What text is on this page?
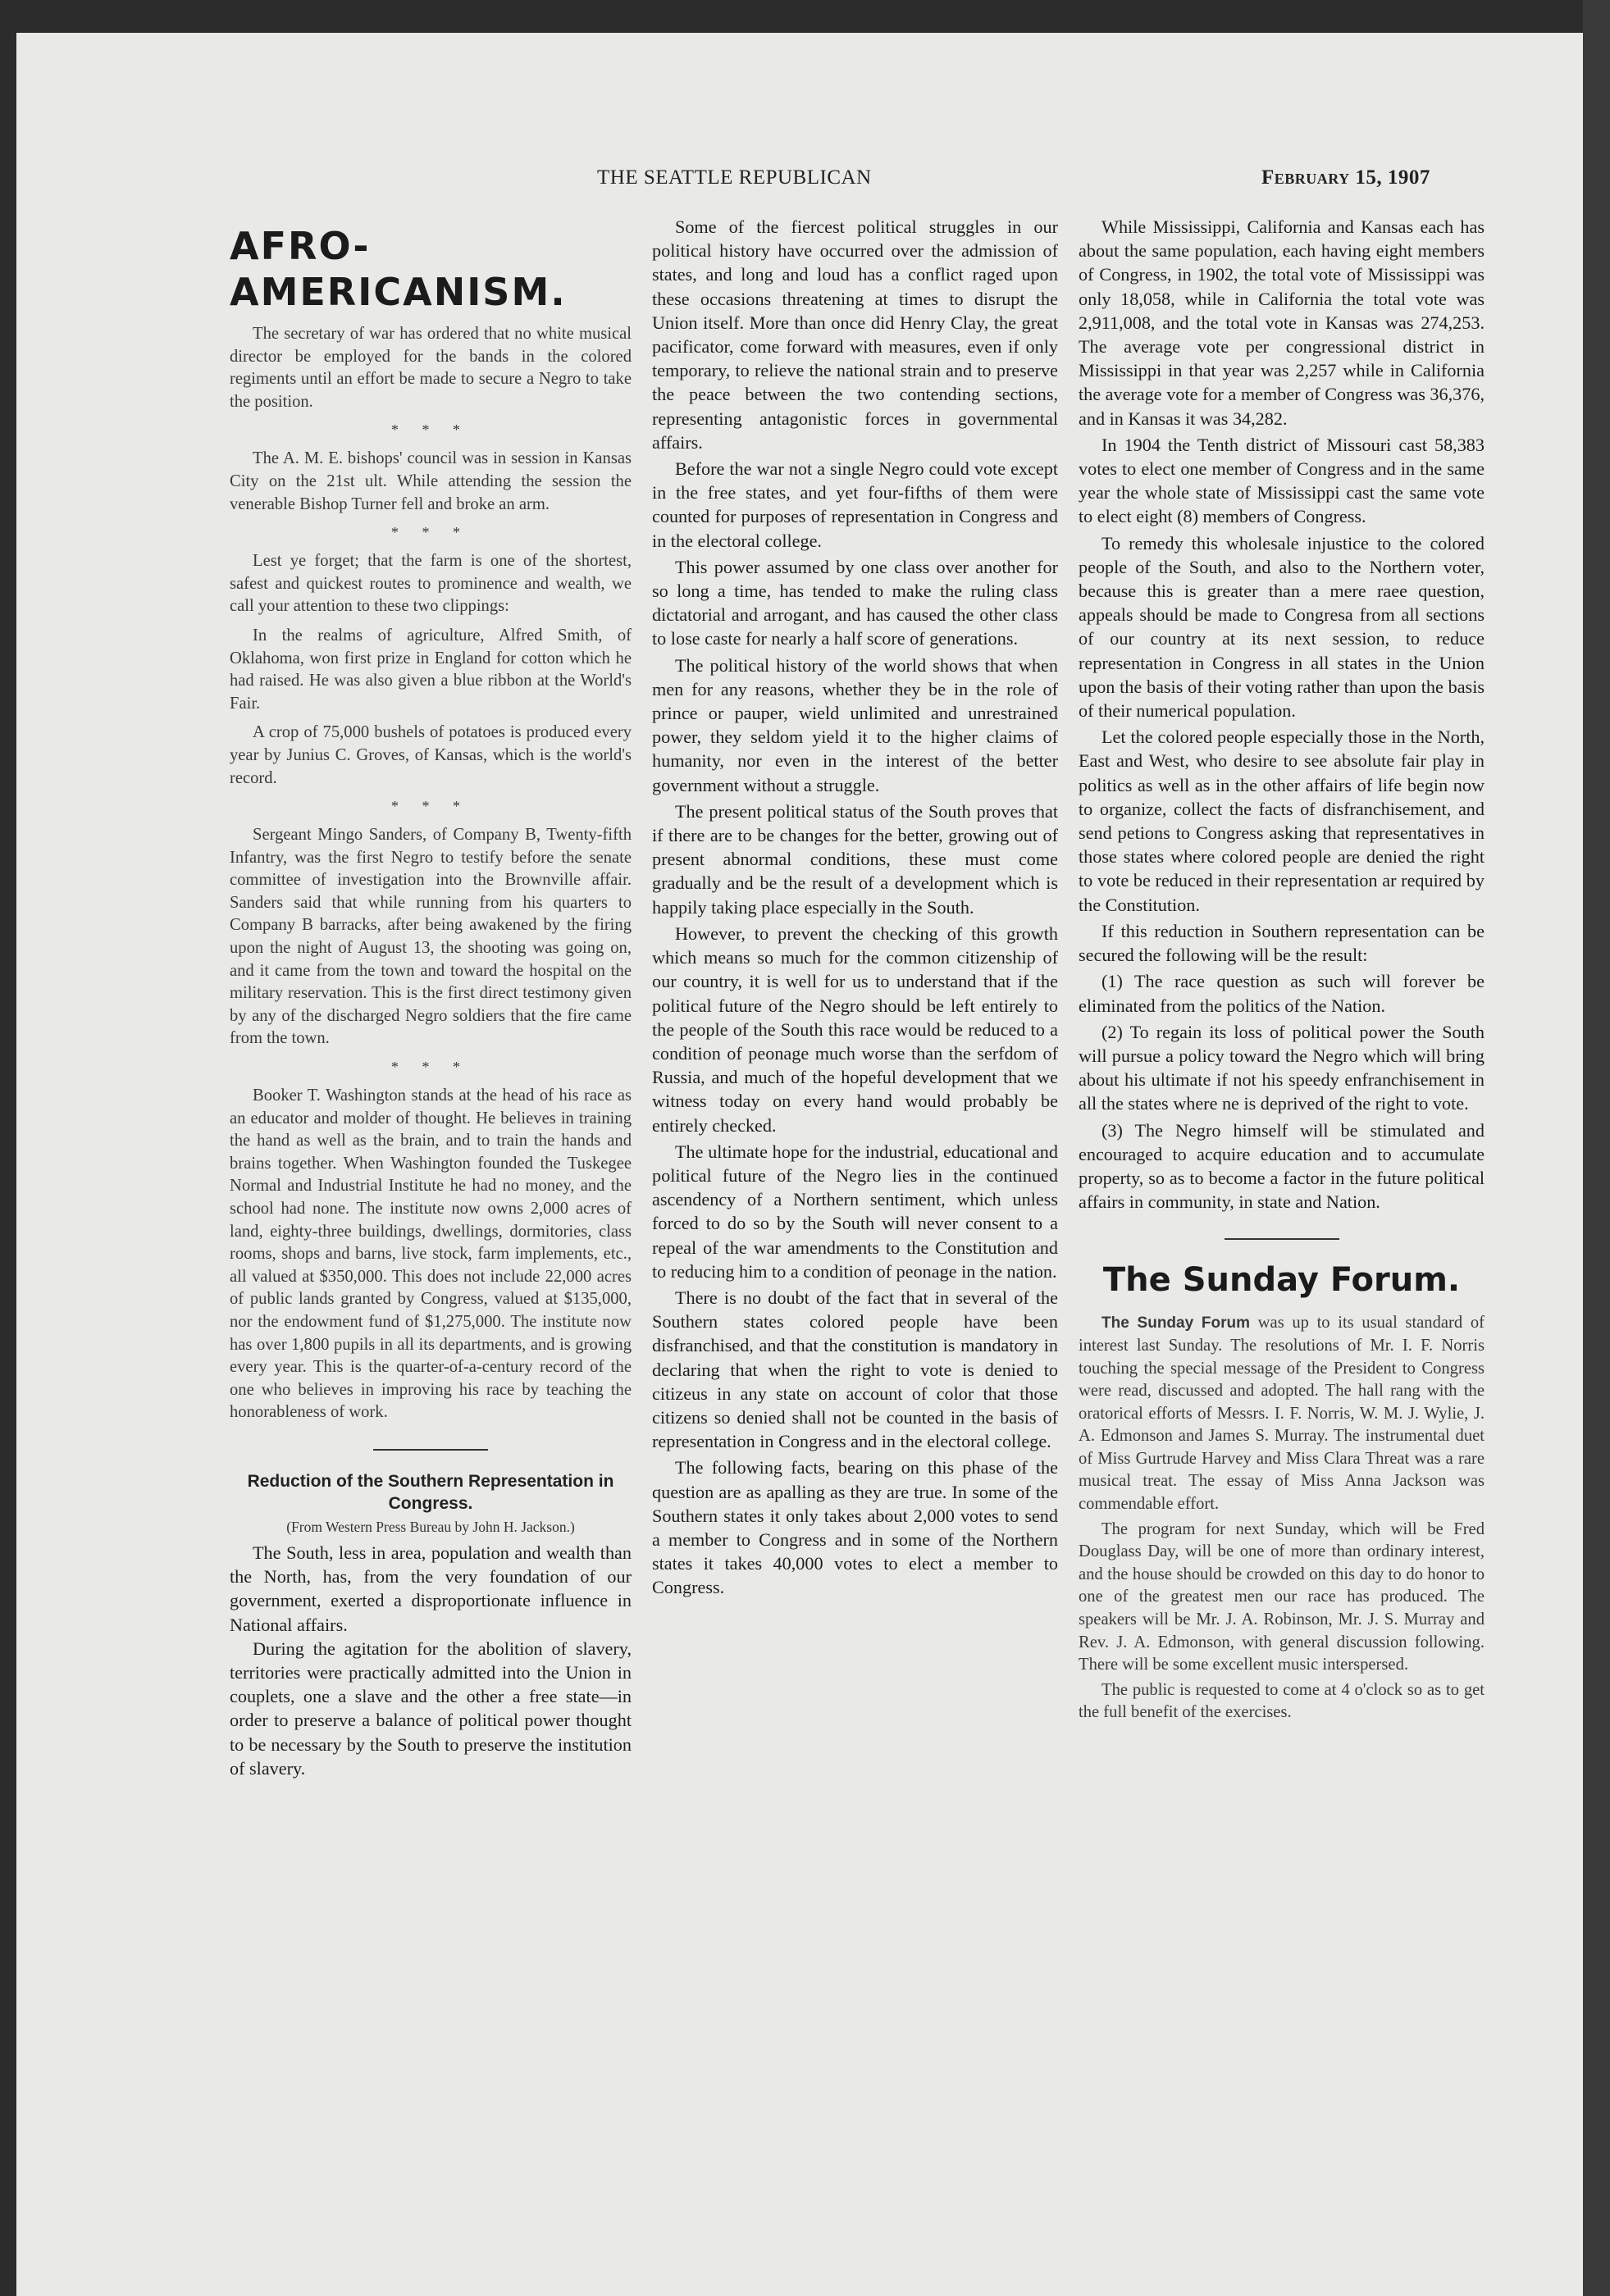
THE SEATTLE REPUBLICAN	February 15, 1907
AFRO-AMERICANISM.

The secretary of war has ordered that no white musical director be employed for the bands in the colored regiments until an effort be made to secure a Negro to take the position.

* * *

The A. M. E. bishops' council was in session in Kansas City on the 21st ult. While attending the session the venerable Bishop Turner fell and broke an arm.

* * *

Lest ye forget; that the farm is one of the shortest, safest and quickest routes to prominence and wealth, we call your attention to these two clippings:

In the realms of agriculture, Alfred Smith, of Oklahoma, won first prize in England for cotton which he had raised. He was also given a blue ribbon at the World's Fair.

A crop of 75,000 bushels of potatoes is produced every year by Junius C. Groves, of Kansas, which is the world's record.

* * *

Sergeant Mingo Sanders, of Company B, Twenty-fifth Infantry, was the first Negro to testify before the senate committee of investigation into the Brownville affair. Sanders said that while running from his quarters to Company B barracks, after being awakened by the firing upon the night of August 13, the shooting was going on, and it came from the town and toward the hospital on the military reservation. This is the first direct testimony given by any of the discharged Negro soldiers that the fire came from the town.

* * *

Booker T. Washington stands at the head of his race as an educator and molder of thought. He believes in training the hand as well as the brain, and to train the hands and brains together. When Washington founded the Tuskegee Normal and Industrial Institute he had no money, and the school had none. The institute now owns 2,000 acres of land, eighty-three buildings, dwellings, dormitories, class rooms, shops and barns, live stock, farm implements, etc., all valued at $350,000. This does not include 22,000 acres of public lands granted by Congress, valued at $135,000, nor the endowment fund of $1,275,000. The institute now has over 1,800 pupils in all its departments, and is growing every year. This is the quarter-of-a-century record of the one who believes in improving his race by teaching the honorableness of work.

Reduction of the Southern Representation in Congress.
(From Western Press Bureau by John H. Jackson.)

The South, less in area, population and wealth than the North, has, from the very foundation of our government, exerted a disproportionate influence in National affairs.

During the agitation for the abolition of slavery, territories were practically admitted into the Union in couplets, one a slave and the other a free state—in order to preserve a balance of political power thought to be necessary by the South to preserve the institution of slavery.

Some of the fiercest political struggles in our political history have occurred over the admission of states, and long and loud has a conflict raged upon these occasions threatening at times to disrupt the Union itself. More than once did Henry Clay, the great pacificator, come forward with measures, even if only temporary, to relieve the national strain and to preserve the peace between the two contending sections, representing antagonistic forces in governmental affairs.

Before the war not a single Negro could vote except in the free states, and yet four-fifths of them were counted for purposes of representation in Congress and in the electoral college.

This power assumed by one class over another for so long a time, has tended to make the ruling class dictatorial and arrogant, and has caused the other class to lose caste for nearly a half score of generations.

The political history of the world shows that when men for any reasons, whether they be in the role of prince or pauper, wield unlimited and unrestrained power, they seldom yield it to the higher claims of humanity, nor even in the interest of the better government without a struggle.

The present political status of the South proves that if there are to be changes for the better, growing out of present abnormal conditions, these must come gradually and be the result of a development which is happily taking place especially in the South.

However, to prevent the checking of this growth which means so much for the common citizenship of our country, it is well for us to understand that if the political future of the Negro should be left entirely to the people of the South this race would be reduced to a condition of peonage much worse than the serfdom of Russia, and much of the hopeful development that we witness today on every hand would probably be entirely checked.

The ultimate hope for the industrial, educational and political future of the Negro lies in the continued ascendency of a Northern sentiment, which unless forced to do so by the South will never consent to a repeal of the war amendments to the Constitution and to reducing him to a condition of peonage in the nation.

There is no doubt of the fact that in several of the Southern states colored people have been disfranchised, and that the constitution is mandatory in declaring that when the right to vote is denied to citizeus in any state on account of color that those citizens so denied shall not be counted in the basis of representation in Congress and in the electoral college.

The following facts, bearing on this phase of the question are as apalling as they are true. In some of the Southern states it only takes about 2,000 votes to send a member to Congress and in some of the Northern states it takes 40,000 votes to elect a member to Congress.

While Mississippi, California and Kansas each has about the same population, each having eight members of Congress, in 1902, the total vote of Mississippi was only 18,058, while in California the total vote was 2,911,008, and the total vote in Kansas was 274,253. The average vote per congressional district in Mississippi in that year was 2,257 while in California the average vote for a member of Congress was 36,376, and in Kansas it was 34,282.

In 1904 the Tenth district of Missouri cast 58,383 votes to elect one member of Congress and in the same year the whole state of Mississippi cast the same vote to elect eight (8) members of Congress.

To remedy this wholesale injustice to the colored people of the South, and also to the Northern voter, because this is greater than a mere raee question, appeals should be made to Congresa from all sections of our country at its next session, to reduce representation in Congress in all states in the Union upon the basis of their voting rather than upon the basis of their numerical population.

Let the colored people especially those in the North, East and West, who desire to see absolute fair play in politics as well as in the other affairs of life begin now to organize, collect the facts of disfranchisement, and send petions to Congress asking that representatives in those states where colored people are denied the right to vote be reduced in their representation ar required by the Constitution.

If this reduction in Southern representation can be secured the following will be the result:

(1) The race question as such will forever be eliminated from the politics of the Nation.

(2) To regain its loss of political power the South will pursue a policy toward the Negro which will bring about his ultimate if not his speedy enfranchisement in all the states where ne is deprived of the right to vote.

(3) The Negro himself will be stimulated and encouraged to acquire education and to accumulate property, so as to become a factor in the future political affairs in community, in state and Nation.

The Sunday Forum.

The Sunday Forum was up to its usual standard of interest last Sunday. The resolutions of Mr. I. F. Norris touching the special message of the President to Congress were read, discussed and adopted. The hall rang with the oratorical efforts of Messrs. I. F. Norris, W. M. J. Wylie, J. A. Edmonson and James S. Murray. The instrumental duet of Miss Gurtrude Harvey and Miss Clara Threat was a rare musical treat. The essay of Miss Anna Jackson was commendable effort.

The program for next Sunday, which will be Fred Douglass Day, will be one of more than ordinary interest, and the house should be crowded on this day to do honor to one of the greatest men our race has produced. The speakers will be Mr. J. A. Robinson, Mr. J. S. Murray and Rev. J. A. Edmonson, with general discussion following. There will be some excellent music interspersed.

The public is requested to come at 4 o'clock so as to get the full benefit of the exercises.
